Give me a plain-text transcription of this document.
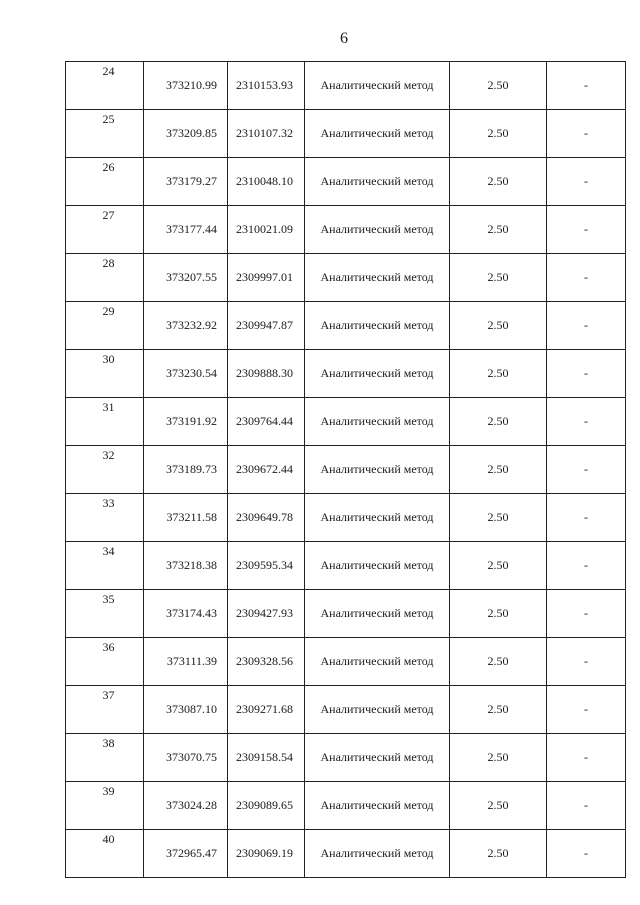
6
24	373210.99	2310153.93	Аналитический метод	2.50	-
25	373209.85	2310107.32	Аналитический метод	2.50	-
26	373179.27	2310048.10	Аналитический метод	2.50	-
27	373177.44	2310021.09	Аналитический метод	2.50	-
28	373207.55	2309997.01	Аналитический метод	2.50	-
29	373232.92	2309947.87	Аналитический метод	2.50	-
30	373230.54	2309888.30	Аналитический метод	2.50	-
31	373191.92	2309764.44	Аналитический метод	2.50	-
32	373189.73	2309672.44	Аналитический метод	2.50	-
33	373211.58	2309649.78	Аналитический метод	2.50	-
34	373218.38	2309595.34	Аналитический метод	2.50	-
35	373174.43	2309427.93	Аналитический метод	2.50	-
36	373111.39	2309328.56	Аналитический метод	2.50	-
37	373087.10	2309271.68	Аналитический метод	2.50	-
38	373070.75	2309158.54	Аналитический метод	2.50	-
39	373024.28	2309089.65	Аналитический метод	2.50	-
40	372965.47	2309069.19	Аналитический метод	2.50	-
